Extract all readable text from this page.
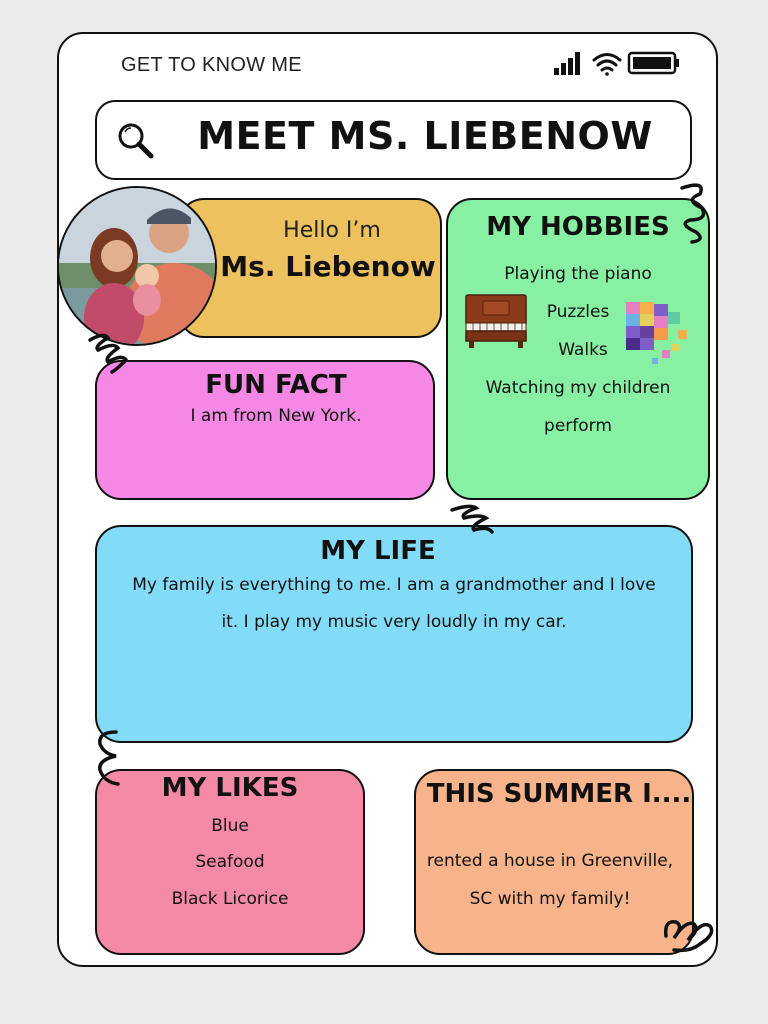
GET TO KNOW ME
MEET MS. LIEBENOW
Hello I’m
Ms. Liebenow
MY HOBBIES
Playing the piano
Puzzles
Walks
Watching my children
perform
FUN FACT
I am from New York.
MY LIFE
My family is everything to me. I am a grandmother and I love
it. I play my music very loudly in my car.
MY LIKES
Blue
Seafood
Black Licorice
THIS SUMMER I....
rented a house in Greenville,
SC with my family!
